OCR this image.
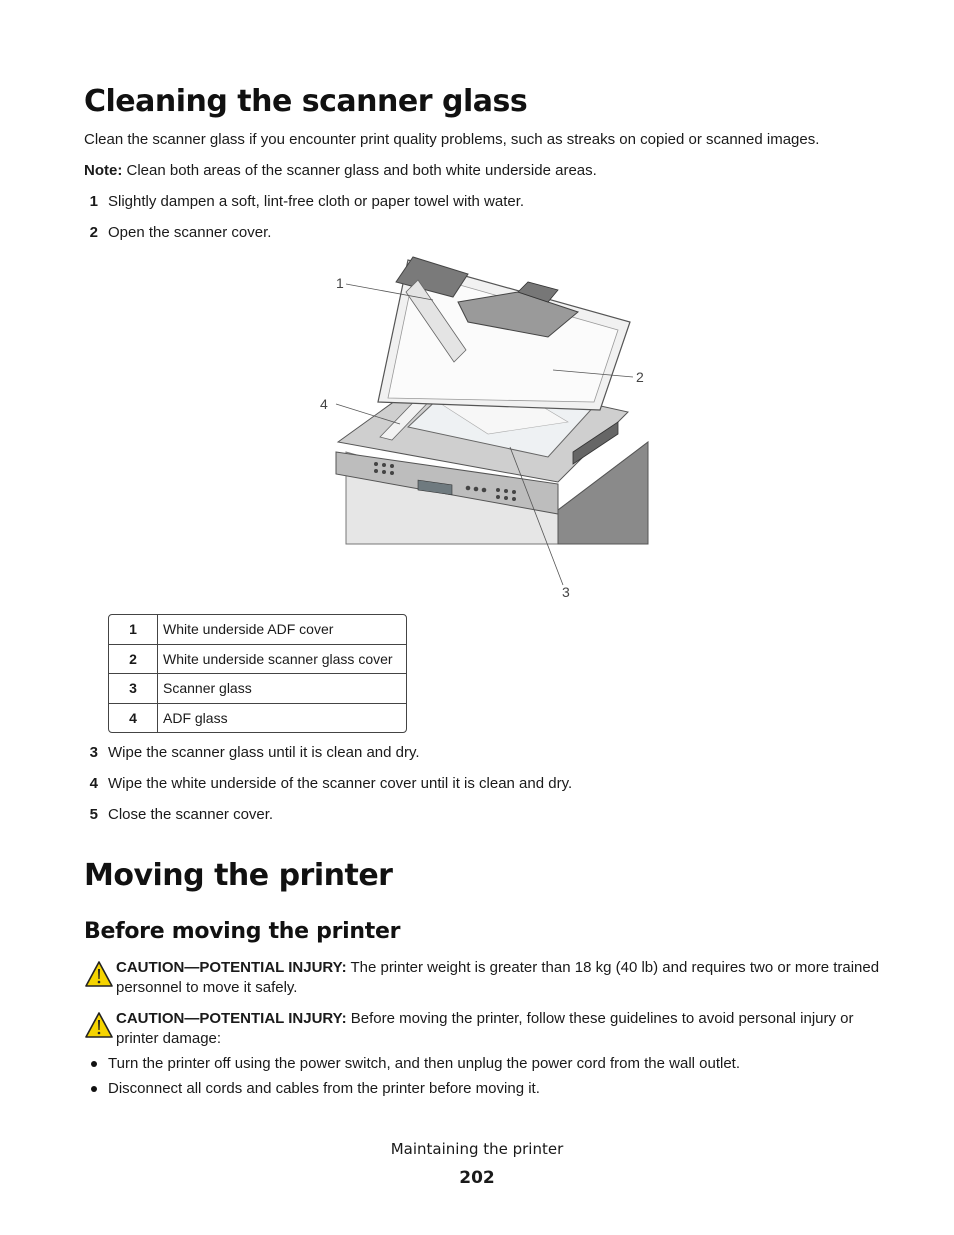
Cleaning the scanner glass

Clean the scanner glass if you encounter print quality problems, such as streaks on copied or scanned images.

Note: Clean both areas of the scanner glass and both white underside areas.

1 Slightly dampen a soft, lint-free cloth or paper towel with water.
2 Open the scanner cover.
1
2
4
3
1	White underside ADF cover
2	White underside scanner glass cover
3	Scanner glass
4	ADF glass
3 Wipe the scanner glass until it is clean and dry.
4 Wipe the white underside of the scanner cover until it is clean and dry.
5 Close the scanner cover.
Moving the printer
Before moving the printer
CAUTION—POTENTIAL INJURY: The printer weight is greater than 18 kg (40 lb) and requires two or more trained personnel to move it safely.
CAUTION—POTENTIAL INJURY: Before moving the printer, follow these guidelines to avoid personal injury or printer damage:
Turn the printer off using the power switch, and then unplug the power cord from the wall outlet.
Disconnect all cords and cables from the printer before moving it.
Maintaining the printer
202
